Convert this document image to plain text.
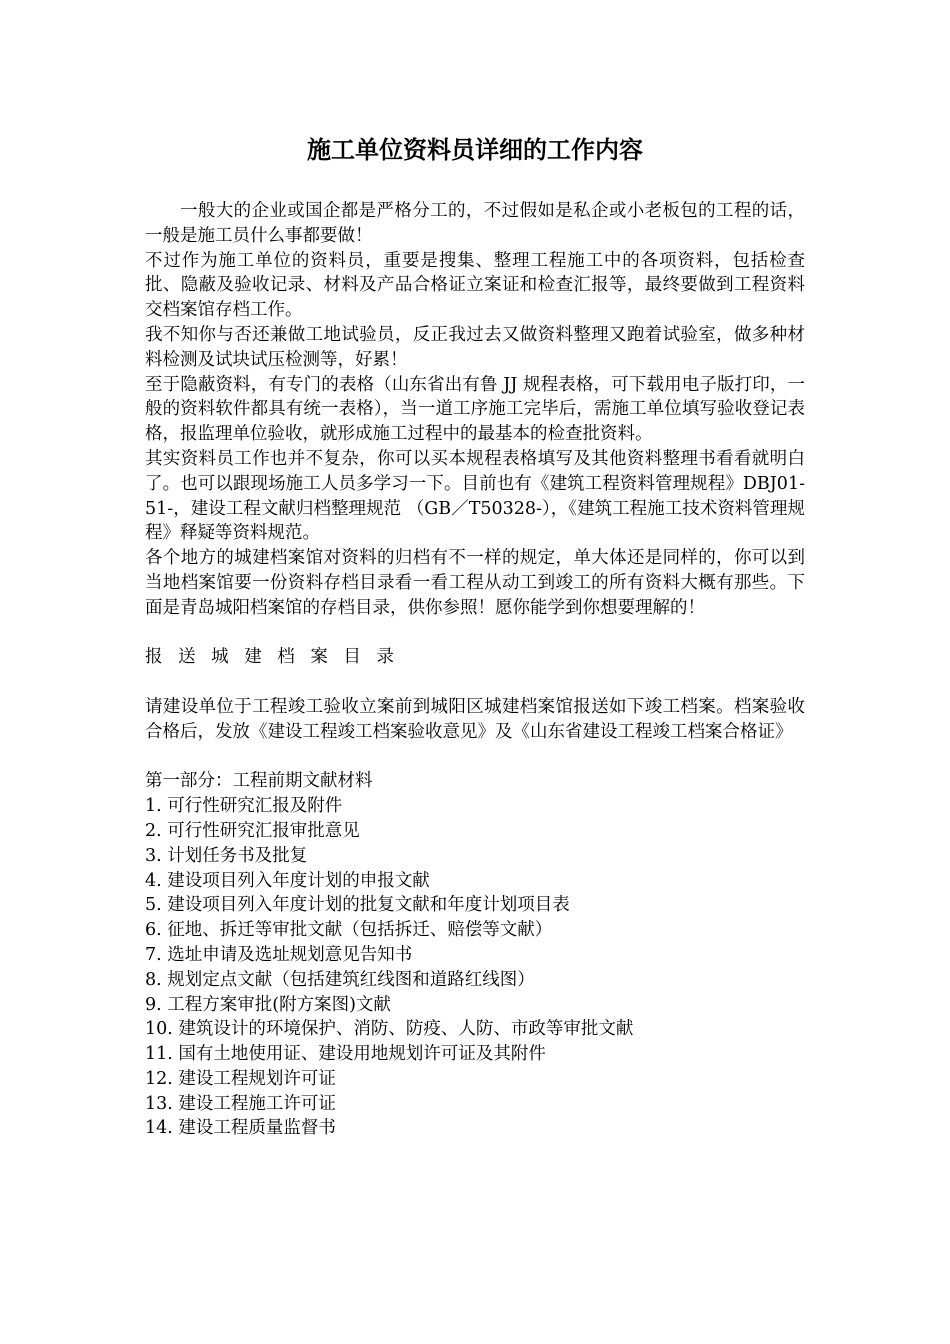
施工单位资料员详细的工作内容

一般大的企业或国企都是严格分工的，不过假如是私企或小老板包的工程的话，一般是施工员什么事都要做！

不过作为施工单位的资料员，重要是搜集、整理工程施工中的各项资料，包括检查批、隐蔽及验收记录、材料及产品合格证立案证和检查汇报等，最终要做到工程资料交档案馆存档工作。

我不知你与否还兼做工地试验员，反正我过去又做资料整理又跑着试验室，做多种材料检测及试块试压检测等，好累！

至于隐蔽资料，有专门的表格（山东省出有鲁 JJ 规程表格，可下载用电子版打印，一般的资料软件都具有统一表格），当一道工序施工完毕后，需施工单位填写验收登记表格，报监理单位验收，就形成施工过程中的最基本的检查批资料。

其实资料员工作也并不复杂，你可以买本规程表格填写及其他资料整理书看看就明白了。也可以跟现场施工人员多学习一下。目前也有《建筑工程资料管理规程》DBJ01-51-，建设工程文献归档整理规范 （GB／T50328-），《建筑工程施工技术资料管理规程》释疑等资料规范。

各个地方的城建档案馆对资料的归档有不一样的规定，单大体还是同样的，你可以到当地档案馆要一份资料存档目录看一看工程从动工到竣工的所有资料大概有那些。下面是青岛城阳档案馆的存档目录，供你参照！愿你能学到你想要理解的！

报 送 城 建 档 案 目 录

请建设单位于工程竣工验收立案前到城阳区城建档案馆报送如下竣工档案。档案验收合格后，发放《建设工程竣工档案验收意见》及《山东省建设工程竣工档案合格证》

第一部分：工程前期文献材料

1. 可行性研究汇报及附件
2. 可行性研究汇报审批意见
3. 计划任务书及批复
4. 建设项目列入年度计划的申报文献
5. 建设项目列入年度计划的批复文献和年度计划项目表
6. 征地、拆迁等审批文献（包括拆迁、赔偿等文献）
7. 选址申请及选址规划意见告知书
8. 规划定点文献（包括建筑红线图和道路红线图）
9. 工程方案审批(附方案图)文献
10. 建筑设计的环境保护、消防、防疫、人防、市政等审批文献
11. 国有土地使用证、建设用地规划许可证及其附件
12. 建设工程规划许可证
13. 建设工程施工许可证
14. 建设工程质量监督书
